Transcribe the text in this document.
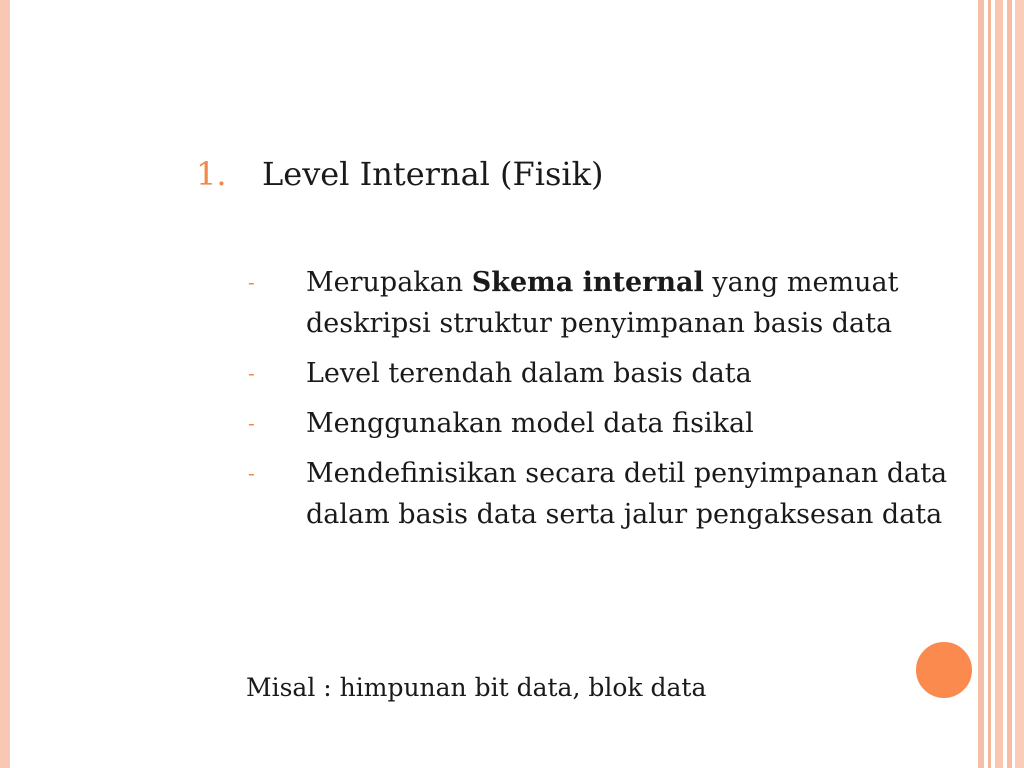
1. Level Internal (Fisik)
- Merupakan Skema internal yang memuat deskripsi struktur penyimpanan basis data
- Level terendah dalam basis data
- Menggunakan model data fisikal
- Mendefinisikan secara detil penyimpanan data dalam basis data serta jalur pengaksesan data
Misal : himpunan bit data, blok data
